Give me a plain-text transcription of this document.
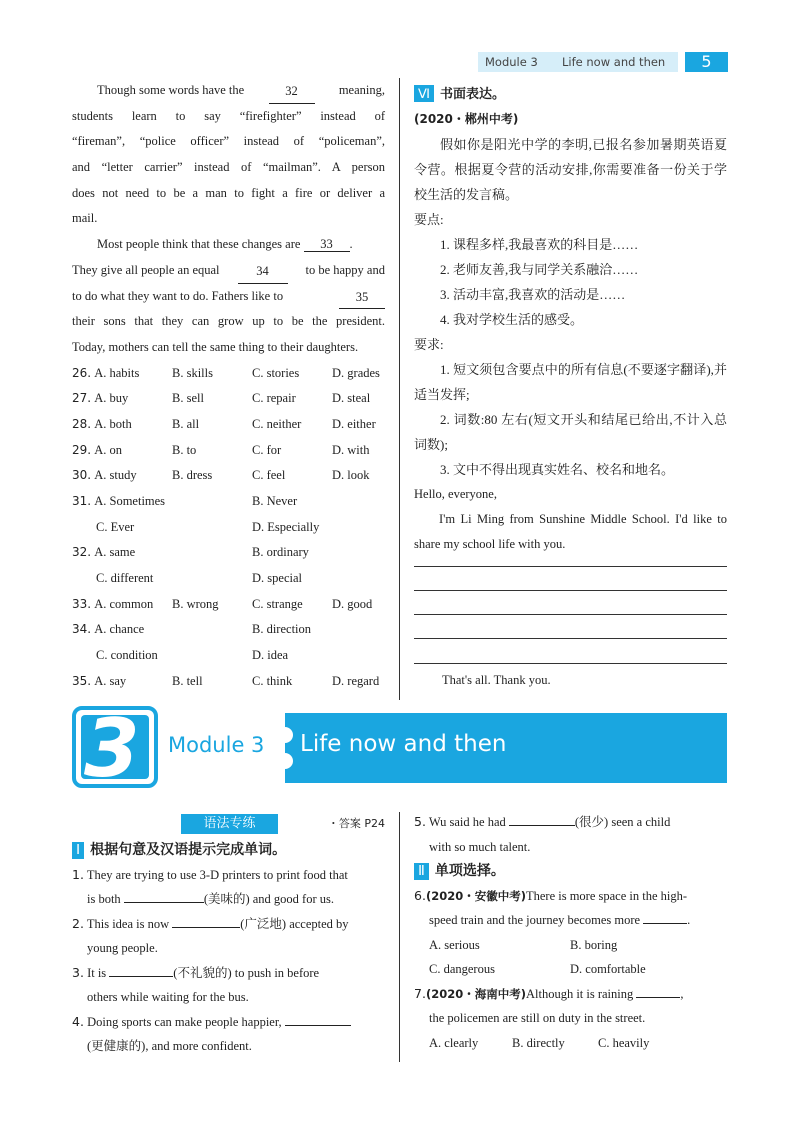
Module 3 Life now and then	5
Though some words have the	32	meaning,
students learn to say “firefighter” instead of
“fireman”, “police officer” instead of “policeman”,
and “letter carrier” instead of “mailman”. A person
does not need to be a man to fight a fire or deliver a
mail.
Most people think that these changes are 33 .
They give all people an equal	34	to be happy and
to do what they want to do. Fathers like to	35
their sons that they can grow up to be the president.
Today, mothers can tell the same thing to their daughters.
26. A. habits	B. skills	C. stories	D. grades
27. A. buy	B. sell	C. repair	D. steal
28. A. both	B. all	C. neither	D. either
29. A. on	B. to	C. for	D. with
30. A. study	B. dress	C. feel	D. look
31. A. Sometimes	B. Never
C. Ever	D. Especially
32. A. same	B. ordinary
C. different	D. special
33. A. common	B. wrong	C. strange	D. good
34. A. chance	B. direction
C. condition	D. idea
35. A. say	B. tell	C. think	D. regard
Ⅵ 书面表达。
(2020・郴州中考)
假如你是阳光中学的李明,已报名参加暑期英语夏令营。根据夏令营的活动安排,你需要准备一份关于学校生活的发言稿。
要点:
1. 课程多样,我最喜欢的科目是……
2. 老师友善,我与同学关系融洽……
3. 活动丰富,我喜欢的活动是……
4. 我对学校生活的感受。
要求:
1. 短文须包含要点中的所有信息(不要逐字翻译),并适当发挥;
2. 词数:80 左右(短文开头和结尾已给出,不计入总词数);
3. 文中不得出现真实姓名、校名和地名。
Hello, everyone,
I'm Li Ming from Sunshine Middle School. I'd like to share my school life with you.
That's all. Thank you.
Module 3 Life now and then
3
语法专练	・答案 P24
Ⅰ 根据句意及汉语提示完成单词。
1. They are trying to use 3-D printers to print food that
is both	(美味的) and good for us.
2. This idea is now	(广泛地) accepted by
young people.
3. It is	(不礼貌的) to push in before
others while waiting for the bus.
4. Doing sports can make people happier,
(更健康的), and more confident.
5. Wu said he had	(很少) seen a child
with so much talent.
Ⅱ 单项选择。
6.(2020・安徽中考)There is more space in the high-
speed train and the journey becomes more	.
A. serious	B. boring
C. dangerous	D. comfortable
7.(2020・海南中考)Although it is raining	,
the policemen are still on duty in the street.
A. clearly	B. directly	C. heavily
